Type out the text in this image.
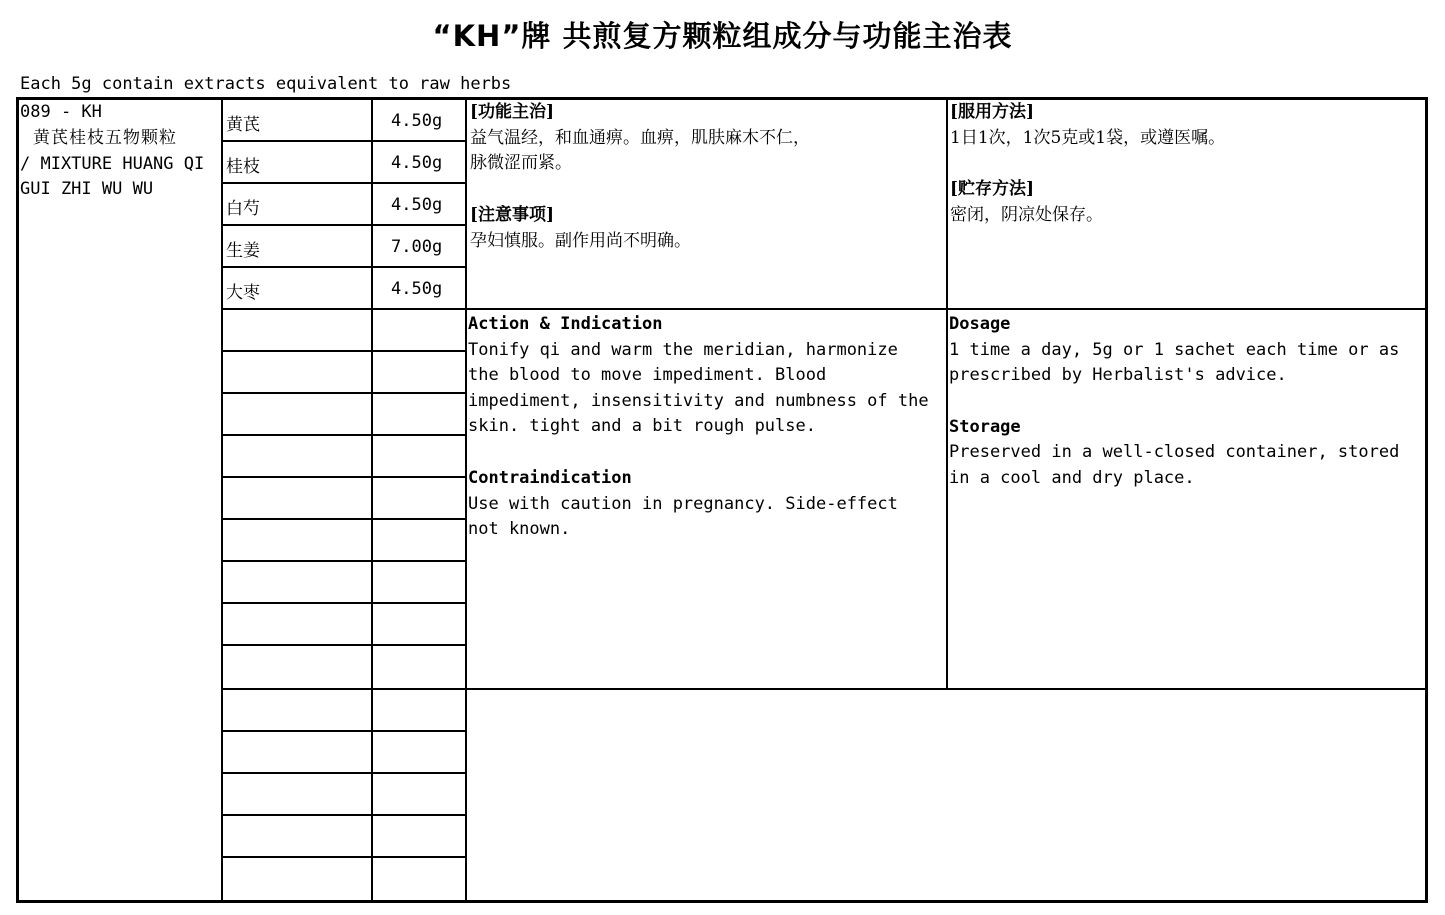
“KH”牌 共煎复方颗粒组成分与功能主治表
Each 5g contain extracts equivalent to raw herbs
089 - KH
黄芪桂枝五物颗粒
/ MIXTURE HUANG QI
GUI ZHI WU WU
黄芪	4.50g
桂枝	4.50g
白芍	4.50g
生姜	7.00g
大枣	4.50g
[功能主治]
益气温经，和血通痹。血痹，肌肤麻木不仁，
脉微涩而紧。
[注意事项]
孕妇慎服。副作用尚不明确。
[服用方法]
1日1次，1次5克或1袋，或遵医嘱。
[贮存方法]
密闭，阴凉处保存。
Action & Indication
Tonify qi and warm the meridian, harmonize
the blood to move impediment. Blood
impediment, insensitivity and numbness of the
skin. tight and a bit rough pulse.
Contraindication
Use with caution in pregnancy. Side-effect
not known.
Dosage
1 time a day, 5g or 1 sachet each time or as
prescribed by Herbalist's advice.
Storage
Preserved in a well-closed container, stored
in a cool and dry place.
